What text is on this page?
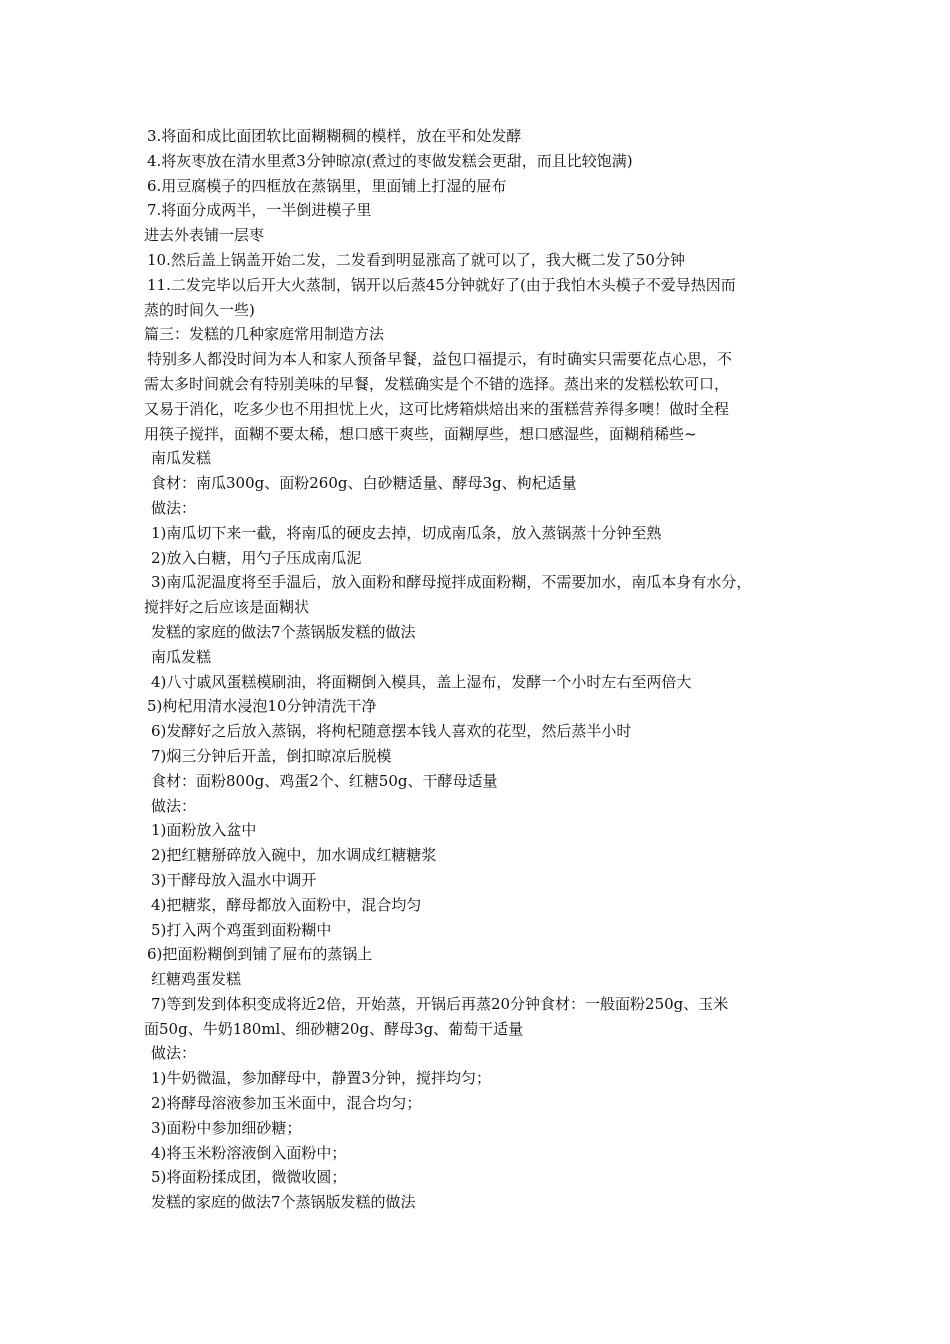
3.将面和成比面团软比面糊糊稠的模样，放在平和处发酵
4.将灰枣放在清水里煮3分钟晾凉(煮过的枣做发糕会更甜，而且比较饱满)
6.用豆腐模子的四框放在蒸锅里，里面铺上打湿的屉布
7.将面分成两半，一半倒进模子里
进去外表铺一层枣
10.然后盖上锅盖开始二发，二发看到明显涨高了就可以了，我大概二发了50分钟
11.二发完毕以后开大火蒸制，锅开以后蒸45分钟就好了(由于我怕木头模子不爱导热因而
蒸的时间久一些)
篇三：发糕的几种家庭常用制造方法
特别多人都没时间为本人和家人预备早餐，益包口福提示，有时确实只需要花点心思，不
需太多时间就会有特别美味的早餐，发糕确实是个不错的选择。蒸出来的发糕松软可口，
又易于消化，吃多少也不用担忧上火，这可比烤箱烘焙出来的蛋糕营养得多噢！做时全程
用筷子搅拌，面糊不要太稀，想口感干爽些，面糊厚些，想口感湿些，面糊稍稀些~
南瓜发糕
食材：南瓜300g、面粉260g、白砂糖适量、酵母3g、枸杞适量
做法：
1)南瓜切下来一截，将南瓜的硬皮去掉，切成南瓜条，放入蒸锅蒸十分钟至熟
2)放入白糖，用勺子压成南瓜泥
3)南瓜泥温度将至手温后，放入面粉和酵母搅拌成面粉糊，不需要加水，南瓜本身有水分，
搅拌好之后应该是面糊状
发糕的家庭的做法7个蒸锅版发糕的做法
南瓜发糕
4)八寸戚风蛋糕模刷油，将面糊倒入模具，盖上湿布，发酵一个小时左右至两倍大
5)枸杞用清水浸泡10分钟清洗干净
6)发酵好之后放入蒸锅，将枸杞随意摆本钱人喜欢的花型，然后蒸半小时
7)焖三分钟后开盖，倒扣晾凉后脱模
食材：面粉800g、鸡蛋2个、红糖50g、干酵母适量
做法：
1)面粉放入盆中
2)把红糖掰碎放入碗中，加水调成红糖糖浆
3)干酵母放入温水中调开
4)把糖浆，酵母都放入面粉中，混合均匀
5)打入两个鸡蛋到面粉糊中
6)把面粉糊倒到铺了屉布的蒸锅上
红糖鸡蛋发糕
7)等到发到体积变成将近2倍，开始蒸，开锅后再蒸20分钟食材：一般面粉250g、玉米
面50g、牛奶180ml、细砂糖20g、酵母3g、葡萄干适量
做法：
1)牛奶微温，参加酵母中，静置3分钟，搅拌均匀；
2)将酵母溶液参加玉米面中，混合均匀；
3)面粉中参加细砂糖；
4)将玉米粉溶液倒入面粉中；
5)将面粉揉成团，微微收圆；
发糕的家庭的做法7个蒸锅版发糕的做法
